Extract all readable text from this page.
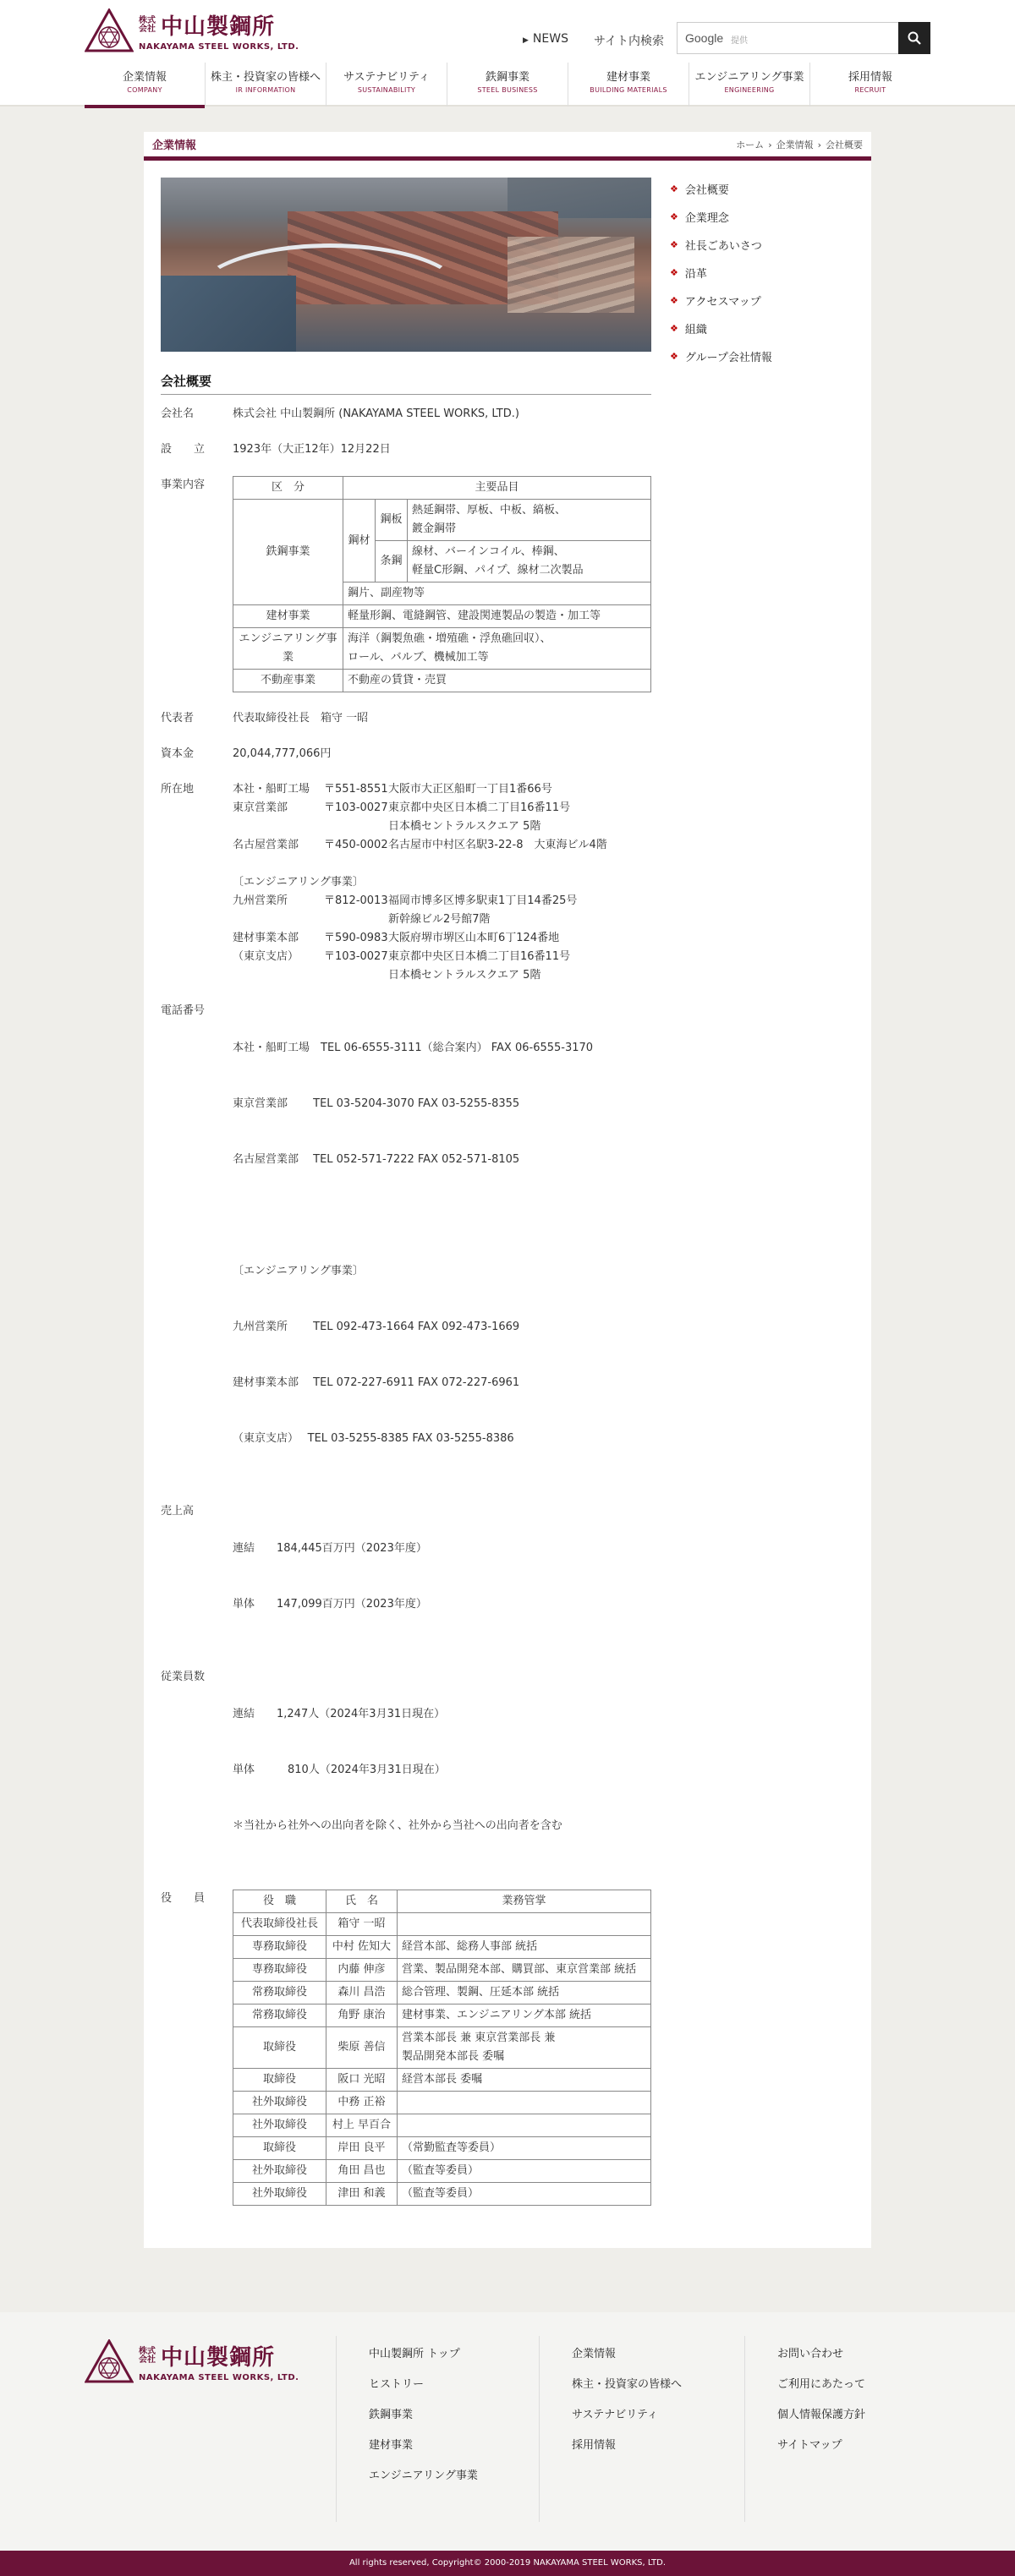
株式会社 中山製鋼所
NAKAYAMA STEEL WORKS, LTD.
▶ NEWS サイト内検索 Google 提供
企業情報
COMPANY
株主・投資家の皆様へ
IR INFORMATION
サステナビリティ
SUSTAINABILITY
鉄鋼事業
STEEL BUSINESS
建材事業
BUILDING MATERIALS
エンジニアリング事業
ENGINEERING
採用情報
RECRUIT
企業情報	ホーム › 企業情報 › 会社概要
会社概要
会社名	株式会社 中山製鋼所 (NAKAYAMA STEEL WORKS, LTD.)
設　　立	1923年（大正12年）12月22日
事業内容	区　分	主要品目		
鉄鋼事業	鋼材	鋼板	熱延鋼帯、厚板、中板、縞板、
鍍金鋼帯
		条鋼	線材、バーインコイル、棒鋼、
軽量C形鋼、パイプ、線材二次製品
	鋼片、副産物等		
建材事業	軽量形鋼、電縫鋼管、建設関連製品の製造・加工等		
エンジニアリング事業	海洋（鋼製魚礁・増殖礁・浮魚礁回収）、
ロール、バルブ、機械加工等		
不動産事業	不動産の賃貸・売買		
代表者	代表取締役社長　箱守 一昭
資本金	20,044,777,066円
所在地	本社・船町工場	〒551-8551 大阪市大正区船町一丁目1番66号
東京営業部	〒103-0027 東京都中央区日本橋二丁目16番11号
日本橋セントラルスクエア 5階
名古屋営業部	〒450-0002 名古屋市中村区名駅3-22-8　大東海ビル4階
〔エンジニアリング事業〕
九州営業所	〒812-0013 福岡市博多区博多駅東1丁目14番25号
新幹線ビル2号館7階
建材事業本部	〒590-0983 大阪府堺市堺区山本町6丁124番地
（東京支店）	〒103-0027 東京都中央区日本橋二丁目16番11号
日本橋セントラルスクエア 5階
電話番号

本社・船町工場　TEL 06-6555-3111（総合案内） FAX 06-6555-3170

東京営業部　　 TEL 03-5204-3070 FAX 03-5255-8355

名古屋営業部　 TEL 052-571-7222 FAX 052-571-8105

〔エンジニアリング事業〕

九州営業所　　 TEL 092-473-1664 FAX 092-473-1669

建材事業本部　 TEL 072-227-6911 FAX 072-227-6961

（東京支店）　 TEL 03-5255-8385 FAX 03-5255-8386

売上高

連結　　184,445百万円（2023年度）

単体　　147,099百万円（2023年度）

従業員数

連結　　1,247人（2024年3月31日現在）

単体　　　810人（2024年3月31日現在）

＊当社から社外への出向者を除く、社外から当社への出向者を含む

役　　員	役　職	氏　名	業務管掌
代表取締役社長	箱守 一昭	
専務取締役	中村 佐知大	経営本部、総務人事部 統括
専務取締役	内藤 伸彦	営業、製品開発本部、購買部、東京営業部 統括
常務取締役	森川 昌浩	総合管理、製鋼、圧延本部 統括
常務取締役	角野 康治	建材事業、エンジニアリング本部 統括
取締役	柴原 善信	営業本部長 兼 東京営業部長 兼
製品開発本部長 委嘱
取締役	阪口 光昭	経営本部長 委嘱
社外取締役	中務 正裕	
社外取締役	村上 早百合	
取締役	岸田 良平	（常勤監査等委員）
社外取締役	角田 昌也	（監査等委員）
社外取締役	津田 和義	（監査等委員）
❖ 会社概要
❖ 企業理念
❖ 社長ごあいさつ
❖ 沿革
❖ アクセスマップ
❖ 組織
❖ グループ会社情報
株式会社 中山製鋼所
NAKAYAMA STEEL WORKS, LTD.
中山製鋼所 トップ
ヒストリー
鉄鋼事業
建材事業
エンジニアリング事業
企業情報
株主・投資家の皆様へ
サステナビリティ
採用情報
お問い合わせ
ご利用にあたって
個人情報保護方針
サイトマップ
All rights reserved, Copyright© 2000-2019 NAKAYAMA STEEL WORKS, LTD.
